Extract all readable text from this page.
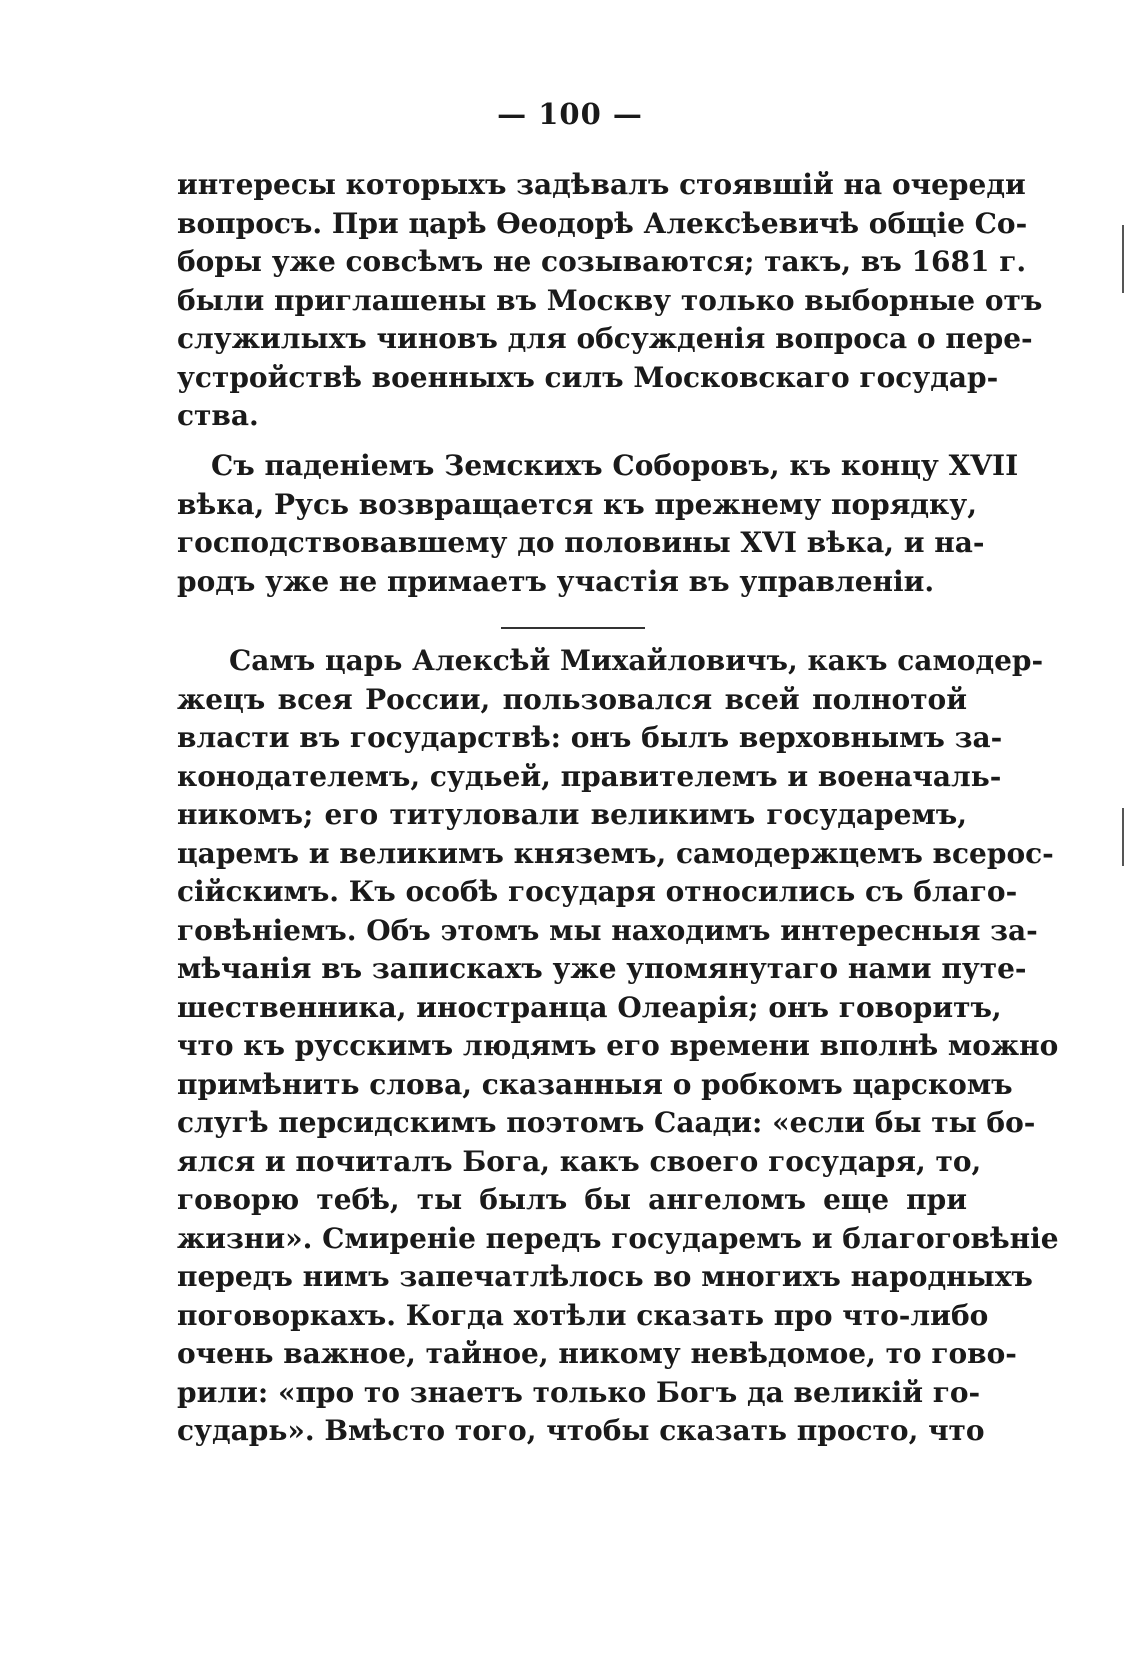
— 100 —
интересы которыхъ задѣвалъ стоявшій на очереди
вопросъ. При царѣ Ѳеодорѣ Алексѣевичѣ общіе Со-
боры уже совсѣмъ не созываются; такъ, въ 1681 г.
были приглашены въ Москву только выборные отъ
служилыхъ чиновъ для обсужденія вопроса о пере-
устройствѣ военныхъ силъ Московскаго государ-
ства.
Съ паденіемъ Земскихъ Соборовъ, къ концу XVII
вѣка, Русь возвращается къ прежнему порядку,
господствовавшему до половины XVI вѣка, и на-
родъ уже не примаетъ участія въ управленіи.
Самъ царь Алексѣй Михайловичъ, какъ самодер-
жецъ всея России, пользовался всей полнотой
власти въ государствѣ: онъ былъ верховнымъ за-
конодателемъ, судьей, правителемъ и военачаль-
никомъ; его титуловали великимъ государемъ,
царемъ и великимъ княземъ, самодержцемъ всерос-
сійскимъ. Къ особѣ государя относились съ благо-
говѣніемъ. Объ этомъ мы находимъ интересныя за-
мѣчанія въ запискахъ уже упомянутаго нами путе-
шественника, иностранца Олеарія; онъ говоритъ,
что къ русскимъ людямъ его времени вполнѣ можно
примѣнить слова, сказанныя о робкомъ царскомъ
слугѣ персидскимъ поэтомъ Саади: «если бы ты бо-
ялся и почиталъ Бога, какъ своего государя, то,
говорю тебѣ, ты былъ бы ангеломъ еще при
жизни». Смиреніе передъ государемъ и благоговѣніе
передъ нимъ запечатлѣлось во многихъ народныхъ
поговоркахъ. Когда хотѣли сказать про что-либо
очень важное, тайное, никому невѣдомое, то гово-
рили: «про то знаетъ только Богъ да великій го-
сударь». Вмѣсто того, чтобы сказать просто, что
